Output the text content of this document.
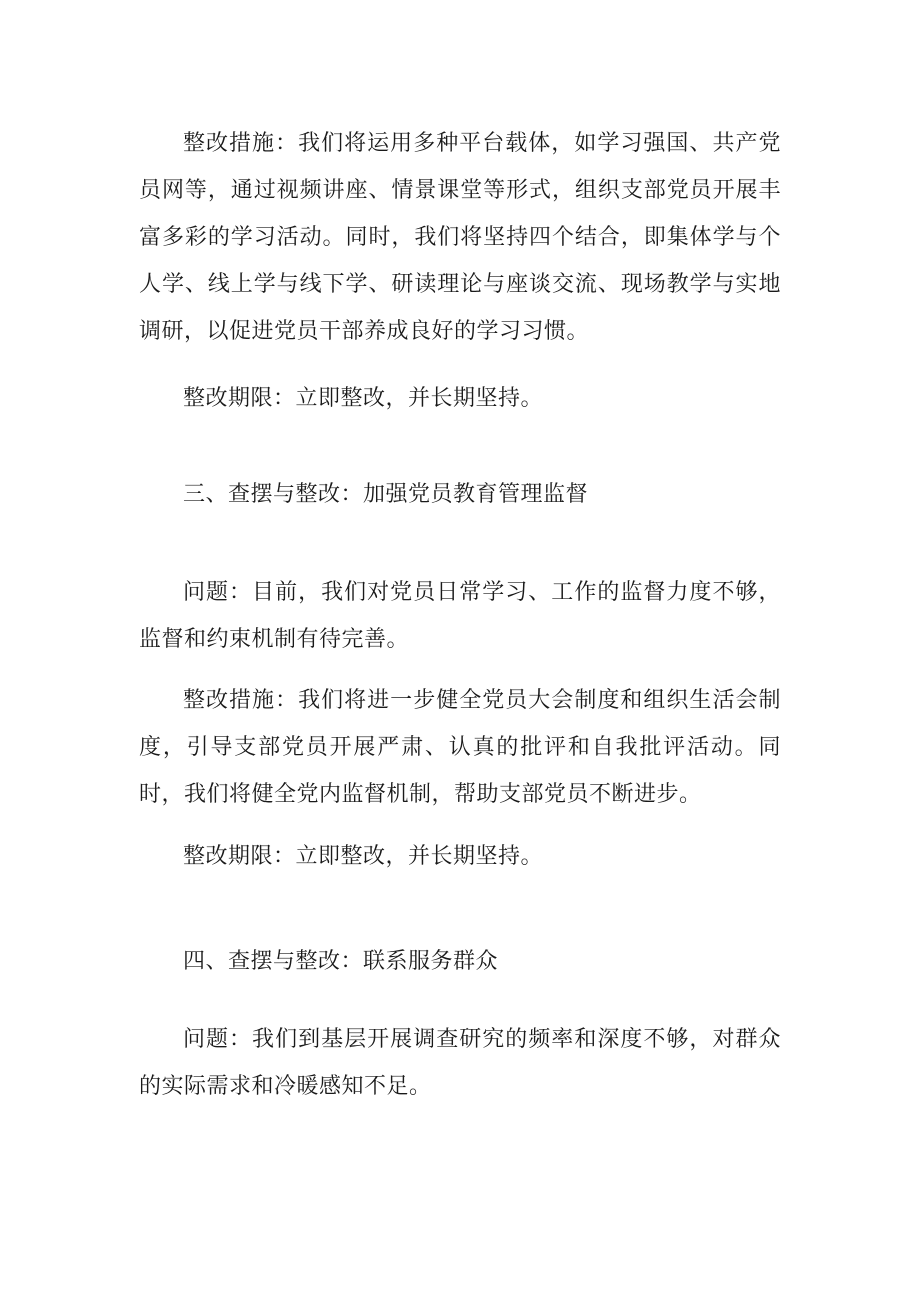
整改措施：我们将运用多种平台载体，如学习强国、共产党员网等，通过视频讲座、情景课堂等形式，组织支部党员开展丰富多彩的学习活动。同时，我们将坚持四个结合，即集体学与个人学、线上学与线下学、研读理论与座谈交流、现场教学与实地调研，以促进党员干部养成良好的学习习惯。

整改期限：立即整改，并长期坚持。

三、查摆与整改：加强党员教育管理监督

问题：目前，我们对党员日常学习、工作的监督力度不够，监督和约束机制有待完善。

整改措施：我们将进一步健全党员大会制度和组织生活会制度，引导支部党员开展严肃、认真的批评和自我批评活动。同时，我们将健全党内监督机制，帮助支部党员不断进步。

整改期限：立即整改，并长期坚持。

四、查摆与整改：联系服务群众

问题：我们到基层开展调查研究的频率和深度不够，对群众的实际需求和冷暖感知不足。
